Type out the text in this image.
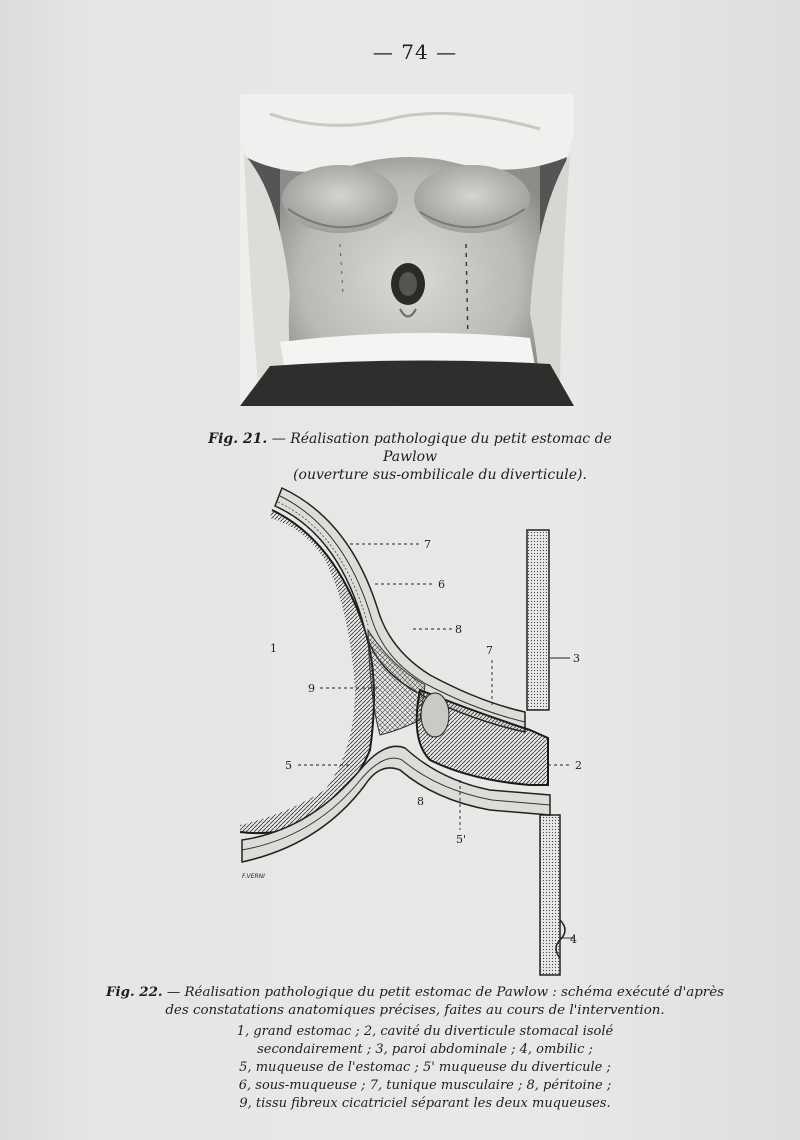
— 74 —
Fig. 21. — Réalisation pathologique du petit estomac de Pawlow
(ouverture sus-ombilicale du diverticule).
1
2
3
4
5
5'
6
7
7
8
8
9
F.VERNI
Fig. 22. — Réalisation pathologique du petit estomac de Pawlow : schéma exécuté d'après
des constatations anatomiques précises, faites au cours de l'intervention.
1, grand estomac ; 2, cavité du diverticule stomacal isolé
secondairement ; 3, paroi abdominale ; 4, ombilic ;
5, muqueuse de l'estomac ; 5' muqueuse du diverticule ;
6, sous-muqueuse ; 7, tunique musculaire ; 8, péritoine ;
9, tissu fibreux cicatriciel séparant les deux muqueuses.
